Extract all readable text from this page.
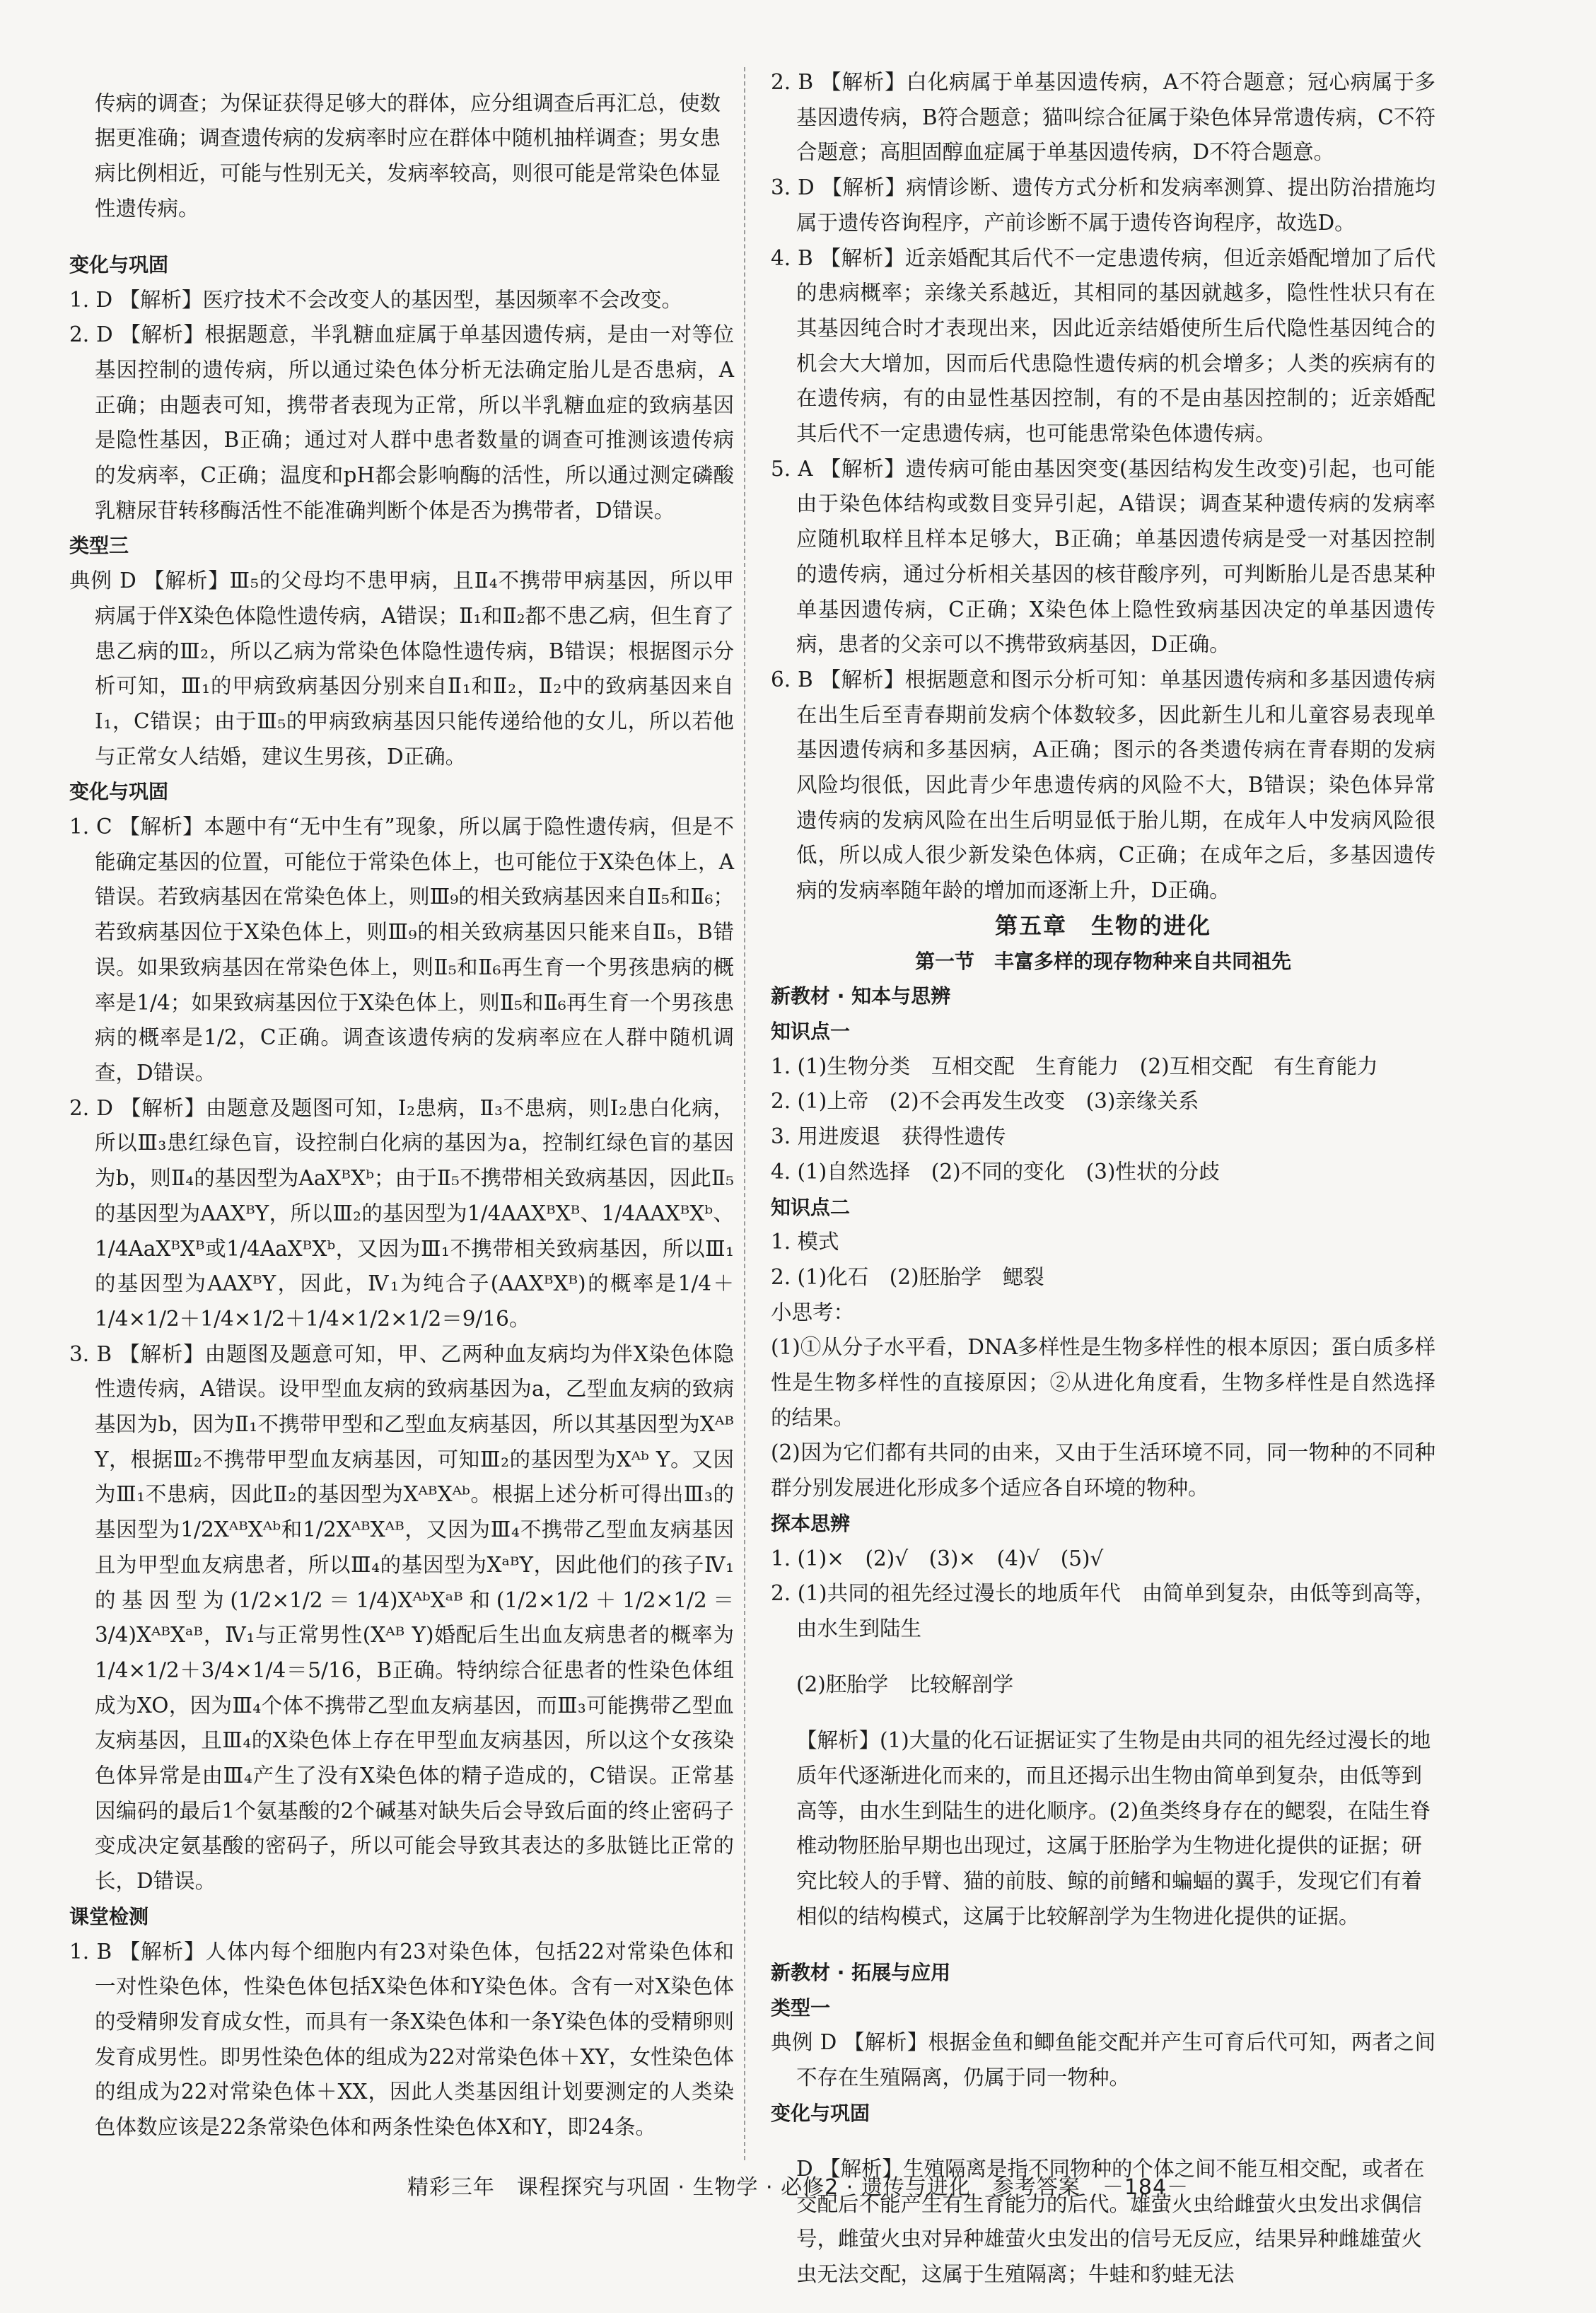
传病的调查；为保证获得足够大的群体，应分组调查后再汇总，使数据更准确；调查遗传病的发病率时应在群体中随机抽样调查；男女患病比例相近，可能与性别无关，发病率较高，则很可能是常染色体显性遗传病。

变化与巩固

1. D 【解析】医疗技术不会改变人的基因型，基因频率不会改变。

2. D 【解析】根据题意，半乳糖血症属于单基因遗传病，是由一对等位基因控制的遗传病，所以通过染色体分析无法确定胎儿是否患病，A正确；由题表可知，携带者表现为正常，所以半乳糖血症的致病基因是隐性基因，B正确；通过对人群中患者数量的调查可推测该遗传病的发病率，C正确；温度和pH都会影响酶的活性，所以通过测定磷酸乳糖尿苷转移酶活性不能准确判断个体是否为携带者，D错误。

类型三

典例 D 【解析】Ⅲ₅的父母均不患甲病，且Ⅱ₄不携带甲病基因，所以甲病属于伴X染色体隐性遗传病，A错误；Ⅱ₁和Ⅱ₂都不患乙病，但生育了患乙病的Ⅲ₂，所以乙病为常染色体隐性遗传病，B错误；根据图示分析可知，Ⅲ₁的甲病致病基因分别来自Ⅱ₁和Ⅱ₂，Ⅱ₂中的致病基因来自Ⅰ₁，C错误；由于Ⅲ₅的甲病致病基因只能传递给他的女儿，所以若他与正常女人结婚，建议生男孩，D正确。

变化与巩固

1. C 【解析】本题中有“无中生有”现象，所以属于隐性遗传病，但是不能确定基因的位置，可能位于常染色体上，也可能位于X染色体上，A错误。若致病基因在常染色体上，则Ⅲ₉的相关致病基因来自Ⅱ₅和Ⅱ₆；若致病基因位于X染色体上，则Ⅲ₉的相关致病基因只能来自Ⅱ₅，B错误。如果致病基因在常染色体上，则Ⅱ₅和Ⅱ₆再生育一个男孩患病的概率是1/4；如果致病基因位于X染色体上，则Ⅱ₅和Ⅱ₆再生育一个男孩患病的概率是1/2，C正确。调查该遗传病的发病率应在人群中随机调查，D错误。

2. D 【解析】由题意及题图可知，Ⅰ₂患病，Ⅱ₃不患病，则Ⅰ₂患白化病，所以Ⅲ₃患红绿色盲，设控制白化病的基因为a，控制红绿色盲的基因为b，则Ⅱ₄的基因型为AaXᴮXᵇ；由于Ⅱ₅不携带相关致病基因，因此Ⅱ₅的基因型为AAXᴮY，所以Ⅲ₂的基因型为1/4AAXᴮXᴮ、1/4AAXᴮXᵇ、1/4AaXᴮXᴮ或1/4AaXᴮXᵇ，又因为Ⅲ₁不携带相关致病基因，所以Ⅲ₁的基因型为AAXᴮY，因此，Ⅳ₁为纯合子(AAXᴮXᴮ)的概率是1/4＋1/4×1/2＋1/4×1/2＋1/4×1/2×1/2＝9/16。

3. B 【解析】由题图及题意可知，甲、乙两种血友病均为伴X染色体隐性遗传病，A错误。设甲型血友病的致病基因为a，乙型血友病的致病基因为b，因为Ⅱ₁不携带甲型和乙型血友病基因，所以其基因型为Xᴬᴮ Y，根据Ⅲ₂不携带甲型血友病基因，可知Ⅲ₂的基因型为Xᴬᵇ Y。又因为Ⅲ₁不患病，因此Ⅱ₂的基因型为XᴬᴮXᴬᵇ。根据上述分析可得出Ⅲ₃的基因型为1/2XᴬᴮXᴬᵇ和1/2XᴬᴮXᴬᴮ，又因为Ⅲ₄不携带乙型血友病基因且为甲型血友病患者，所以Ⅲ₄的基因型为XᵃᴮY，因此他们的孩子Ⅳ₁的基因型为(1/2×1/2＝1/4)XᴬᵇXᵃᴮ和(1/2×1/2＋1/2×1/2＝3/4)XᴬᴮXᵃᴮ，Ⅳ₁与正常男性(Xᴬᴮ Y)婚配后生出血友病患者的概率为1/4×1/2＋3/4×1/4＝5/16，B正确。特纳综合征患者的性染色体组成为XO，因为Ⅲ₄个体不携带乙型血友病基因，而Ⅲ₃可能携带乙型血友病基因，且Ⅲ₄的X染色体上存在甲型血友病基因，所以这个女孩染色体异常是由Ⅲ₄产生了没有X染色体的精子造成的，C错误。正常基因编码的最后1个氨基酸的2个碱基对缺失后会导致后面的终止密码子变成决定氨基酸的密码子，所以可能会导致其表达的多肽链比正常的长，D错误。

课堂检测

1. B 【解析】人体内每个细胞内有23对染色体，包括22对常染色体和一对性染色体，性染色体包括X染色体和Y染色体。含有一对X染色体的受精卵发育成女性，而具有一条X染色体和一条Y染色体的受精卵则发育成男性。即男性染色体的组成为22对常染色体＋XY，女性染色体的组成为22对常染色体＋XX，因此人类基因组计划要测定的人类染色体数应该是22条常染色体和两条性染色体X和Y，即24条。

2. B 【解析】白化病属于单基因遗传病，A不符合题意；冠心病属于多基因遗传病，B符合题意；猫叫综合征属于染色体异常遗传病，C不符合题意；高胆固醇血症属于单基因遗传病，D不符合题意。

3. D 【解析】病情诊断、遗传方式分析和发病率测算、提出防治措施均属于遗传咨询程序，产前诊断不属于遗传咨询程序，故选D。

4. B 【解析】近亲婚配其后代不一定患遗传病，但近亲婚配增加了后代的患病概率；亲缘关系越近，其相同的基因就越多，隐性性状只有在其基因纯合时才表现出来，因此近亲结婚使所生后代隐性基因纯合的机会大大增加，因而后代患隐性遗传病的机会增多；人类的疾病有的在遗传病，有的由显性基因控制，有的不是由基因控制的；近亲婚配其后代不一定患遗传病，也可能患常染色体遗传病。

5. A 【解析】遗传病可能由基因突变(基因结构发生改变)引起，也可能由于染色体结构或数目变异引起，A错误；调查某种遗传病的发病率应随机取样且样本足够大，B正确；单基因遗传病是受一对基因控制的遗传病，通过分析相关基因的核苷酸序列，可判断胎儿是否患某种单基因遗传病，C正确；X染色体上隐性致病基因决定的单基因遗传病，患者的父亲可以不携带致病基因，D正确。

6. B 【解析】根据题意和图示分析可知：单基因遗传病和多基因遗传病在出生后至青春期前发病个体数较多，因此新生儿和儿童容易表现单基因遗传病和多基因病，A正确；图示的各类遗传病在青春期的发病风险均很低，因此青少年患遗传病的风险不大，B错误；染色体异常遗传病的发病风险在出生后明显低于胎儿期，在成年人中发病风险很低，所以成人很少新发染色体病，C正确；在成年之后，多基因遗传病的发病率随年龄的增加而逐渐上升，D正确。

第五章　生物的进化

第一节　丰富多样的现存物种来自共同祖先

新教材 · 知本与思辨

知识点一

1. (1)生物分类　互相交配　生育能力　(2)互相交配　有生育能力

2. (1)上帝　(2)不会再发生改变　(3)亲缘关系

3. 用进废退　获得性遗传

4. (1)自然选择　(2)不同的变化　(3)性状的分歧

知识点二

1. 模式

2. (1)化石　(2)胚胎学　鳃裂

小思考：

(1)①从分子水平看，DNA多样性是生物多样性的根本原因；蛋白质多样性是生物多样性的直接原因；②从进化角度看，生物多样性是自然选择的结果。

(2)因为它们都有共同的由来，又由于生活环境不同，同一物种的不同种群分别发展进化形成多个适应各自环境的物种。

探本思辨

1. (1)×　(2)√　(3)×　(4)√　(5)√

2. (1)共同的祖先经过漫长的地质年代　由简单到复杂，由低等到高等，由水生到陆生

(2)胚胎学　比较解剖学

【解析】(1)大量的化石证据证实了生物是由共同的祖先经过漫长的地质年代逐渐进化而来的，而且还揭示出生物由简单到复杂，由低等到高等，由水生到陆生的进化顺序。(2)鱼类终身存在的鳃裂，在陆生脊椎动物胚胎早期也出现过，这属于胚胎学为生物进化提供的证据；研究比较人的手臂、猫的前肢、鲸的前鳍和蝙蝠的翼手，发现它们有着相似的结构模式，这属于比较解剖学为生物进化提供的证据。

新教材 · 拓展与应用

类型一

典例 D 【解析】根据金鱼和鲫鱼能交配并产生可育后代可知，两者之间不存在生殖隔离，仍属于同一物种。

变化与巩固

D 【解析】生殖隔离是指不同物种的个体之间不能互相交配，或者在交配后不能产生有生育能力的后代。雄萤火虫给雌萤火虫发出求偶信号，雌萤火虫对异种雄萤火虫发出的信号无反应，结果异种雌雄萤火虫无法交配，这属于生殖隔离；牛蛙和豹蛙无法

精彩三年　课程探究与巩固 · 生物学 · 必修2 · 遗传与进化　参考答案　－184－
